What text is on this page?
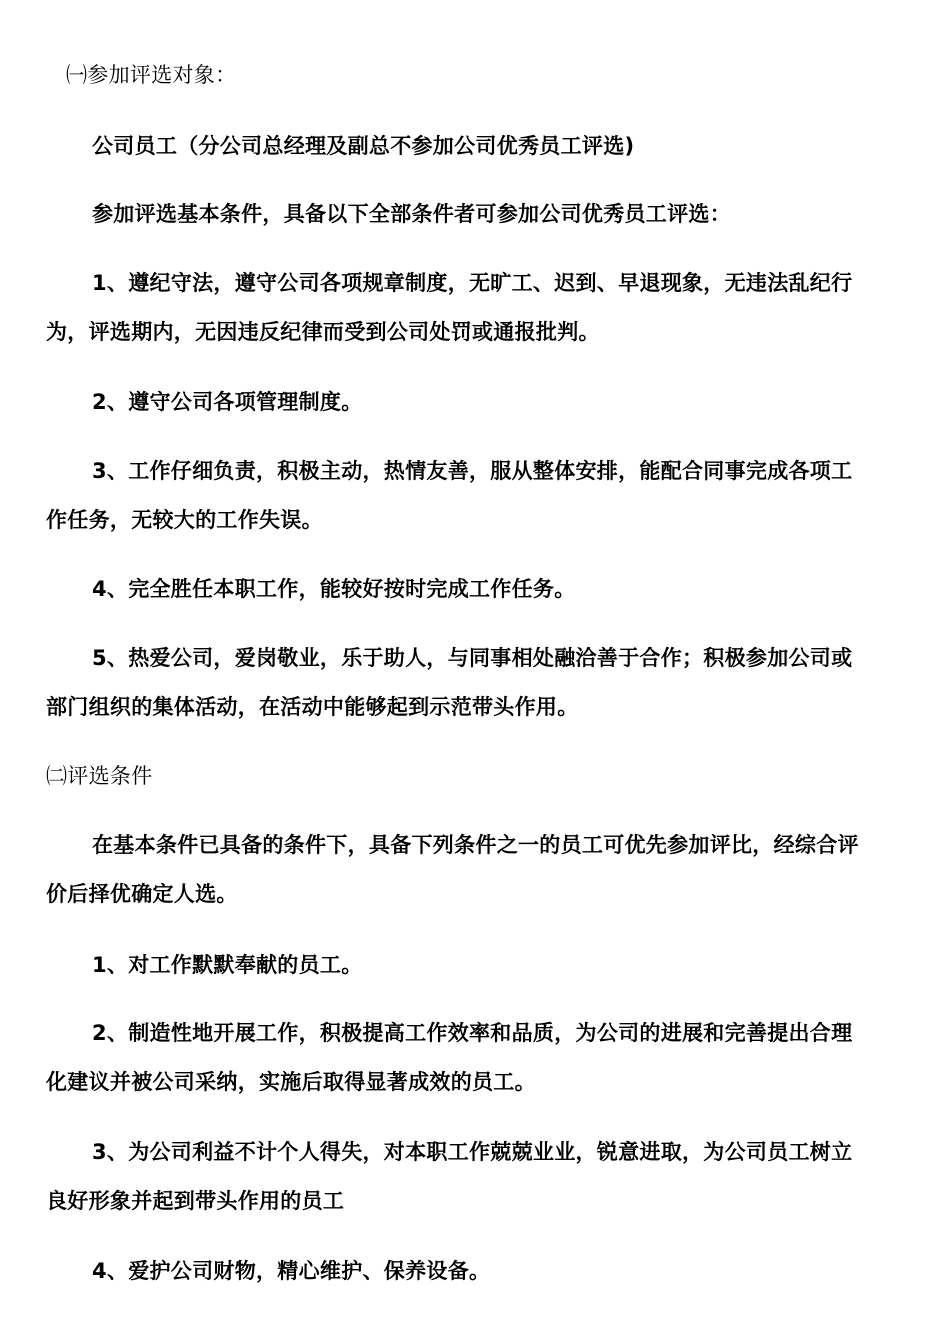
㈠参加评选对象：
公司员工（分公司总经理及副总不参加公司优秀员工评选)
参加评选基本条件，具备以下全部条件者可参加公司优秀员工评选：
1、遵纪守法，遵守公司各项规章制度，无旷工、迟到、早退现象，无违法乱纪行
为，评选期内，无因违反纪律而受到公司处罚或通报批判。
2、遵守公司各项管理制度。
3、工作仔细负责，积极主动，热情友善，服从整体安排，能配合同事完成各项工
作任务，无较大的工作失误。
4、完全胜任本职工作，能较好按时完成工作任务。
5、热爱公司，爱岗敬业，乐于助人，与同事相处融洽善于合作；积极参加公司或
部门组织的集体活动，在活动中能够起到示范带头作用。
㈡评选条件
在基本条件已具备的条件下，具备下列条件之一的员工可优先参加评比，经综合评
价后择优确定人选。
1、对工作默默奉献的员工。
2、制造性地开展工作，积极提高工作效率和品质，为公司的进展和完善提出合理
化建议并被公司采纳，实施后取得显著成效的员工。
3、为公司利益不计个人得失，对本职工作兢兢业业，锐意进取，为公司员工树立
良好形象并起到带头作用的员工
4、爱护公司财物，精心维护、保养设备。
